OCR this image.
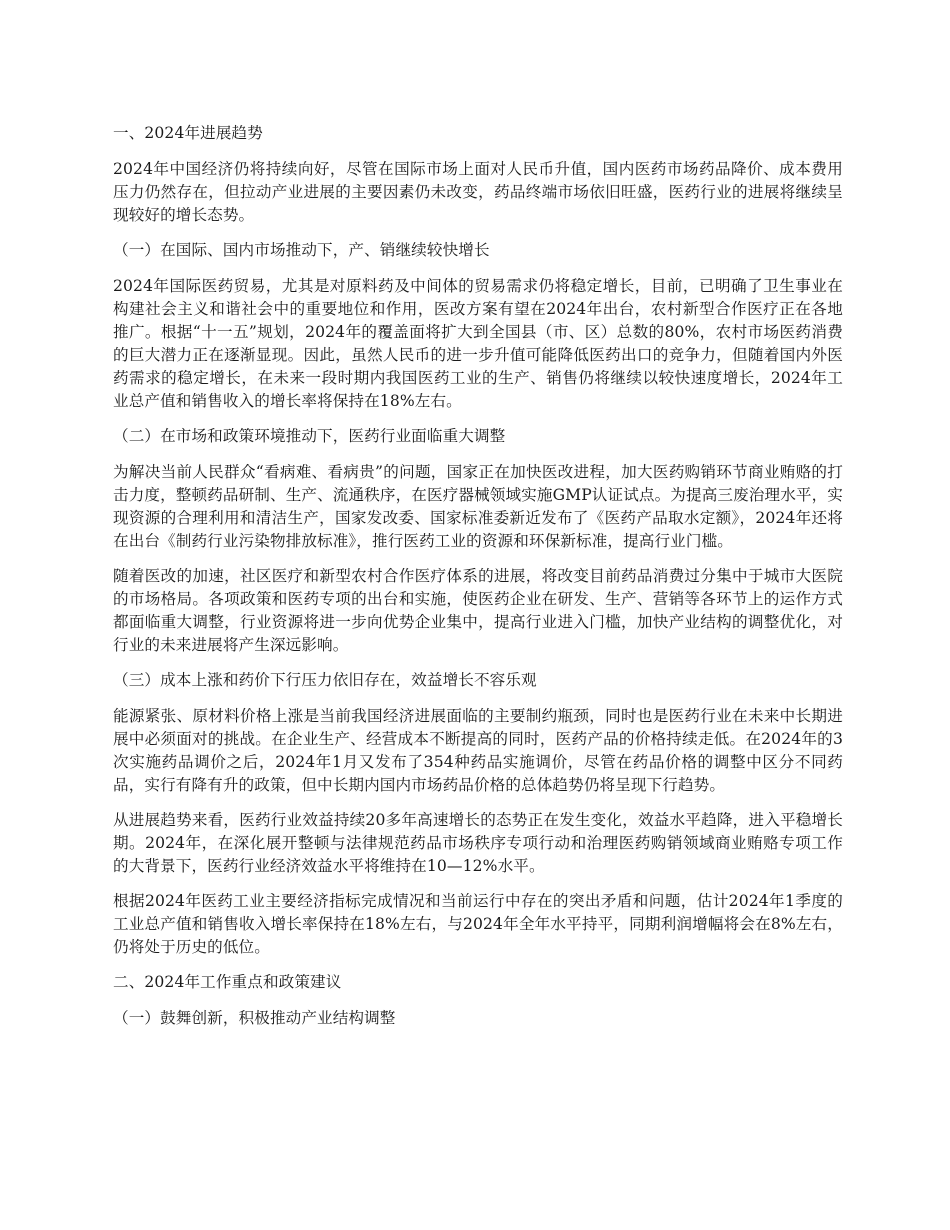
一、2024年进展趋势

2024年中国经济仍将持续向好，尽管在国际市场上面对人民币升值，国内医药市场药品降价、成本费用压力仍然存在，但拉动产业进展的主要因素仍未改变，药品终端市场依旧旺盛，医药行业的进展将继续呈现较好的增长态势。

（一）在国际、国内市场推动下，产、销继续较快增长

2024年国际医药贸易，尤其是对原料药及中间体的贸易需求仍将稳定增长，目前，已明确了卫生事业在构建社会主义和谐社会中的重要地位和作用，医改方案有望在2024年出台，农村新型合作医疗正在各地推广。根据“十一五”规划，2024年的覆盖面将扩大到全国县（市、区）总数的80%，农村市场医药消费的巨大潜力正在逐渐显现。因此，虽然人民币的进一步升值可能降低医药出口的竞争力，但随着国内外医药需求的稳定增长，在未来一段时期内我国医药工业的生产、销售仍将继续以较快速度增长，2024年工业总产值和销售收入的增长率将保持在18%左右。

（二）在市场和政策环境推动下，医药行业面临重大调整

为解决当前人民群众“看病难、看病贵”的问题，国家正在加快医改进程，加大医药购销环节商业贿赂的打击力度，整顿药品研制、生产、流通秩序，在医疗器械领域实施GMP认证试点。为提高三废治理水平，实现资源的合理利用和清洁生产，国家发改委、国家标准委新近发布了《医药产品取水定额》，2024年还将在出台《制药行业污染物排放标准》，推行医药工业的资源和环保新标准，提高行业门槛。

随着医改的加速，社区医疗和新型农村合作医疗体系的进展，将改变目前药品消费过分集中于城市大医院的市场格局。各项政策和医药专项的出台和实施，使医药企业在研发、生产、营销等各环节上的运作方式都面临重大调整，行业资源将进一步向优势企业集中，提高行业进入门槛，加快产业结构的调整优化，对行业的未来进展将产生深远影响。

（三）成本上涨和药价下行压力依旧存在，效益增长不容乐观

能源紧张、原材料价格上涨是当前我国经济进展面临的主要制约瓶颈，同时也是医药行业在未来中长期进展中必须面对的挑战。在企业生产、经营成本不断提高的同时，医药产品的价格持续走低。在2024年的3次实施药品调价之后，2024年1月又发布了354种药品实施调价，尽管在药品价格的调整中区分不同药品，实行有降有升的政策，但中长期内国内市场药品价格的总体趋势仍将呈现下行趋势。

从进展趋势来看，医药行业效益持续20多年高速增长的态势正在发生变化，效益水平趋降，进入平稳增长期。2024年，在深化展开整顿与法律规范药品市场秩序专项行动和治理医药购销领域商业贿赂专项工作的大背景下，医药行业经济效益水平将维持在10—12%水平。

根据2024年医药工业主要经济指标完成情况和当前运行中存在的突出矛盾和问题，估计2024年1季度的工业总产值和销售收入增长率保持在18%左右，与2024年全年水平持平，同期利润增幅将会在8%左右，仍将处于历史的低位。

二、2024年工作重点和政策建议

（一）鼓舞创新，积极推动产业结构调整
